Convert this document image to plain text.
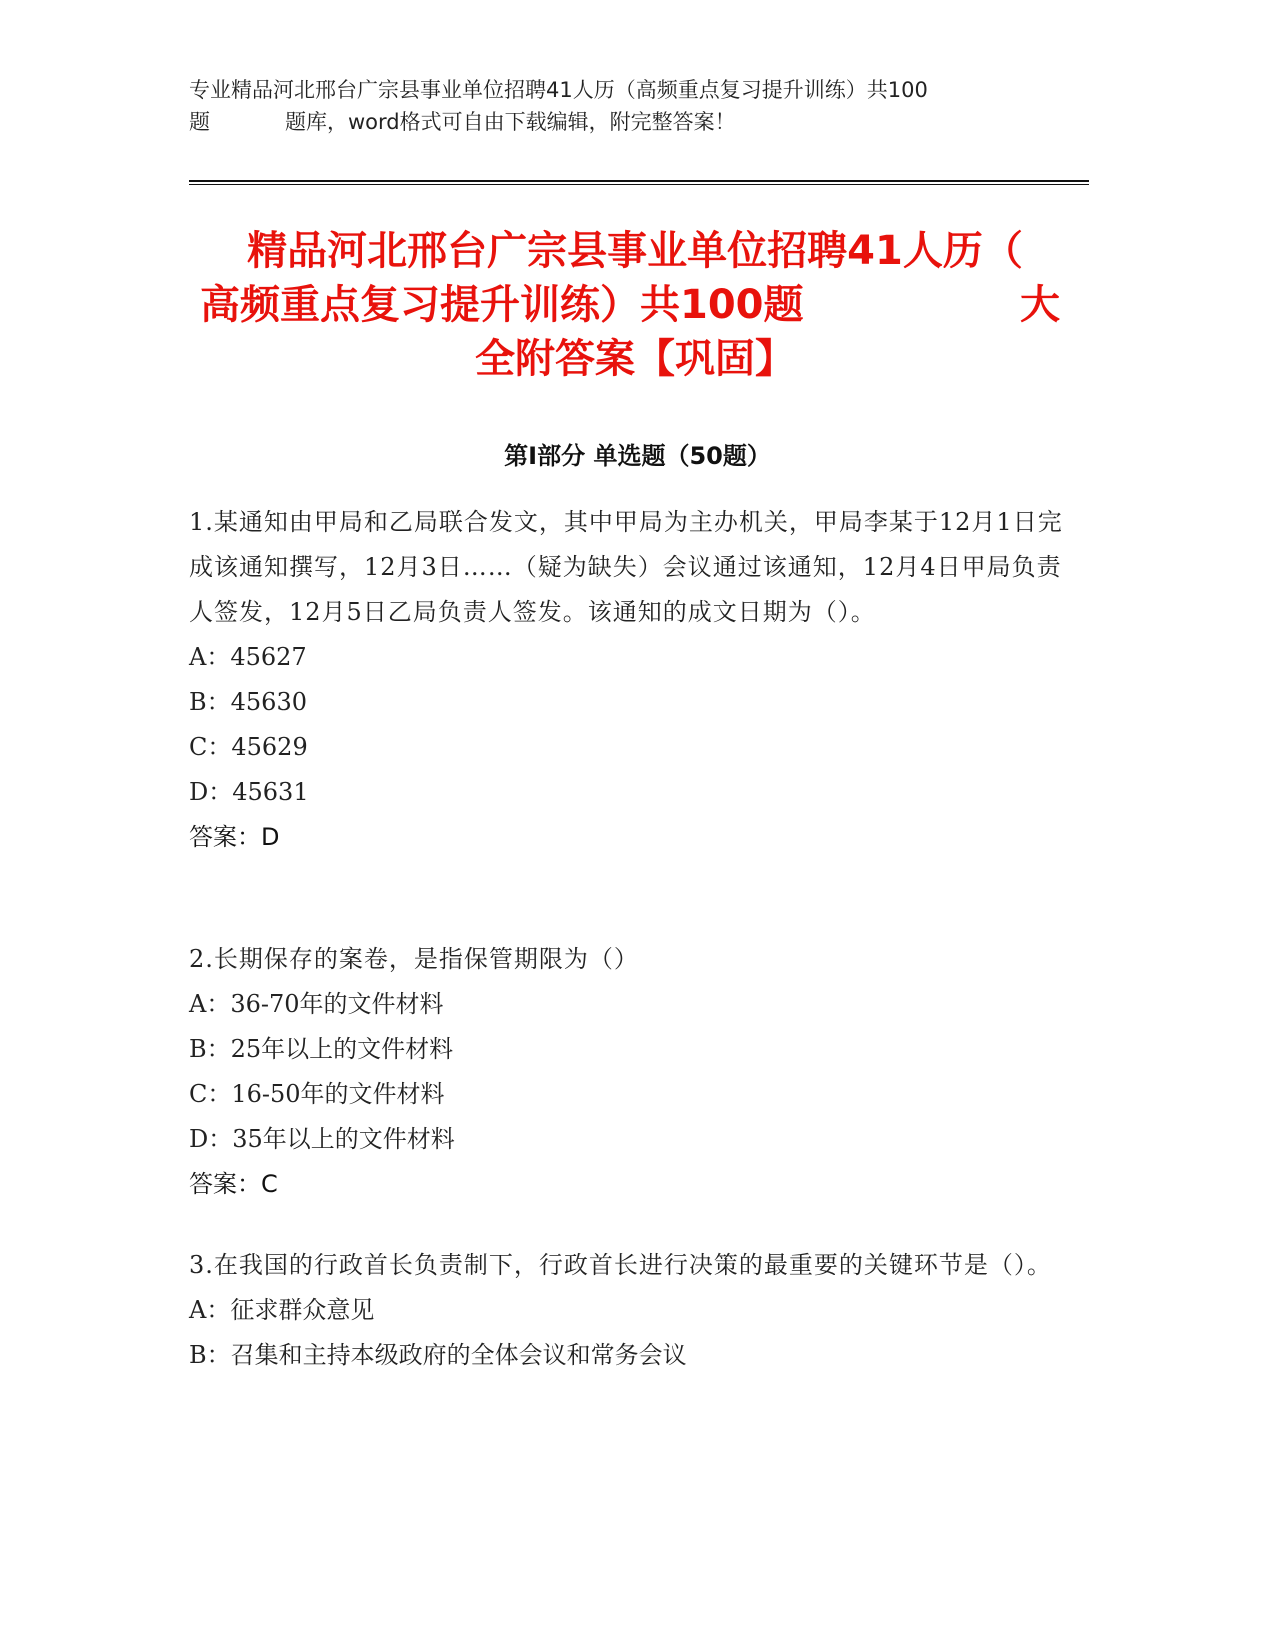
专业精品河北邢台广宗县事业单位招聘41人历（高频重点复习提升训练）共100
题	题库，word格式可自由下载编辑，附完整答案！
精品河北邢台广宗县事业单位招聘41人历（
高频重点复习提升训练）共100题	大
全附答案【巩固】
第Ⅰ部分 单选题（50题）
1.某通知由甲局和乙局联合发文，其中甲局为主办机关，甲局李某于12月1日完成该通知撰写，12月3日……（疑为缺失）会议通过该通知，12月4日甲局负责人签发，12月5日乙局负责人签发。该通知的成文日期为（）。
A：45627
B：45630
C：45629
D：45631
答案：D
2.长期保存的案卷，是指保管期限为（）
A：36-70年的文件材料
B：25年以上的文件材料
C：16-50年的文件材料
D：35年以上的文件材料
答案：C
3.在我国的行政首长负责制下，行政首长进行决策的最重要的关键环节是（）。
A：征求群众意见
B：召集和主持本级政府的全体会议和常务会议
